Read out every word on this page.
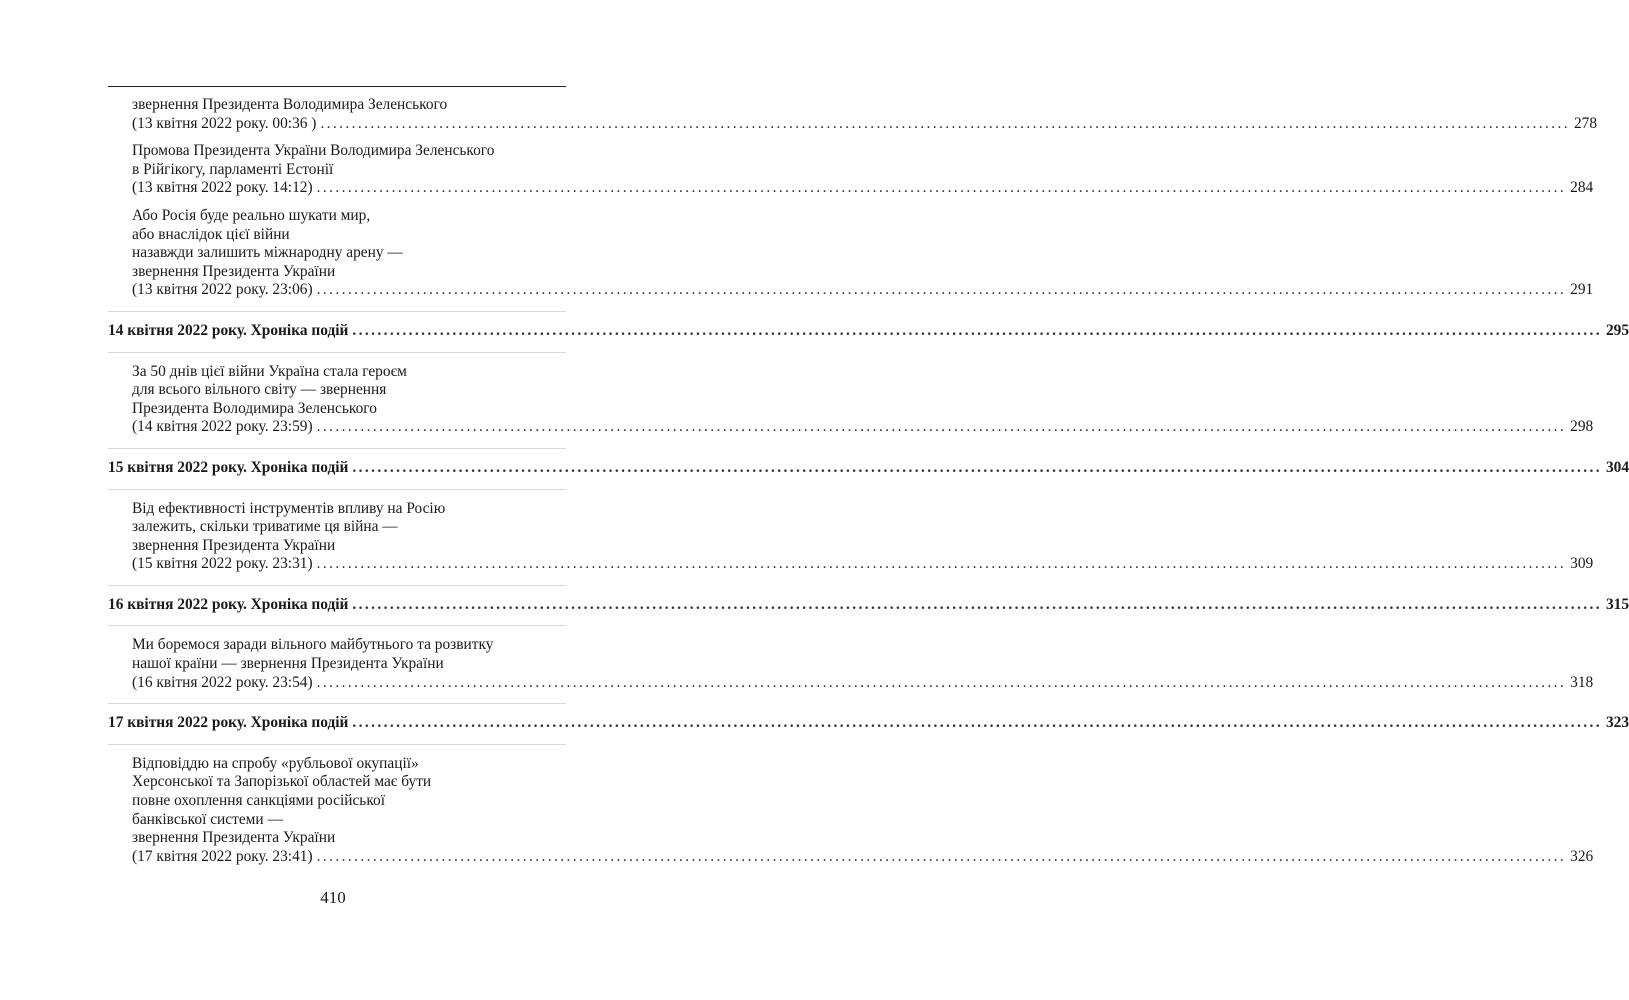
звернення Президента Володимира Зеленського
(13 квітня 2022 року. 00:36 ) ........................................................................................................................................................................................................ 278
Промова Президента України Володимира Зеленського
в Рійгікогу, парламенті Естонії
(13 квітня 2022 року. 14:12) ........................................................................................................................................................................................................ 284
Або Росія буде реально шукати мир,
або внаслідок цієї війни
назавжди залишить міжнародну арену —
звернення Президента України
(13 квітня 2022 року. 23:06) ........................................................................................................................................................................................................ 291
14 квітня 2022 року. Хроніка подій ........................................................................................................................................................................................................ 295
За 50 днів цієї війни Україна стала героєм
для всього вільного світу — звернення
Президента Володимира Зеленського
(14 квітня 2022 року. 23:59) ........................................................................................................................................................................................................ 298
15 квітня 2022 року. Хроніка подій ........................................................................................................................................................................................................ 304
Від ефективності інструментів впливу на Росію
залежить, скільки триватиме ця війна —
звернення Президента України
(15 квітня 2022 року. 23:31) ........................................................................................................................................................................................................ 309
16 квітня 2022 року. Хроніка подій ........................................................................................................................................................................................................ 315
Ми боремося заради вільного майбутнього та розвитку
нашої країни — звернення Президента України
(16 квітня 2022 року. 23:54) ........................................................................................................................................................................................................ 318
17 квітня 2022 року. Хроніка подій ........................................................................................................................................................................................................ 323
Відповіддю на спробу «рубльової окупації»
Херсонської та Запорізької областей має бути
повне охоплення санкціями російської
банківської системи —
звернення Президента України
(17 квітня 2022 року. 23:41) ........................................................................................................................................................................................................ 326
410
